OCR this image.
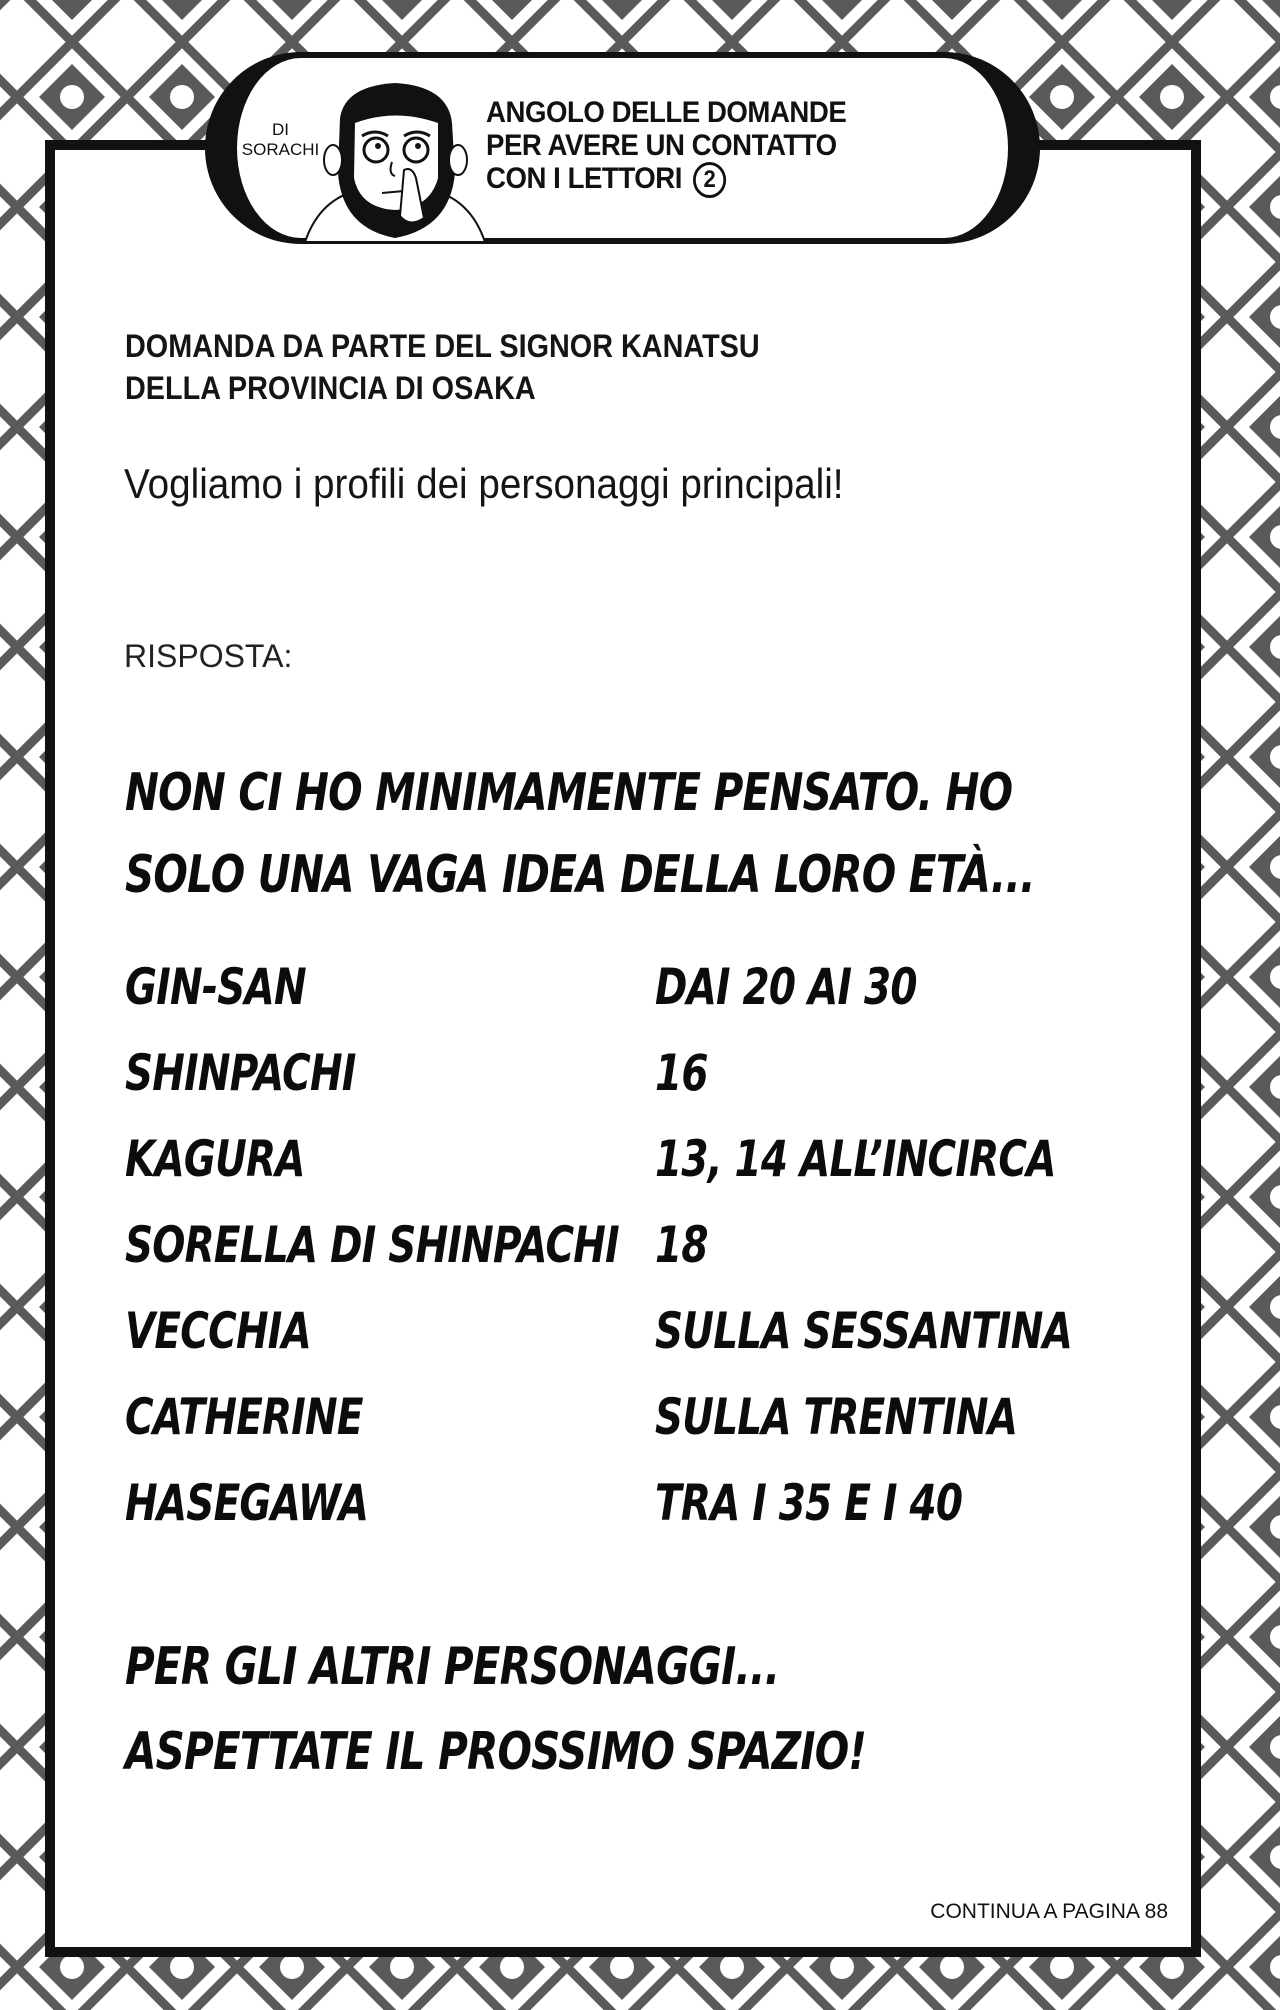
DI
SORACHI
ANGOLO DELLE DOMANDE
PER AVERE UN CONTATTO
CON I LETTORI 2
DOMANDA DA PARTE DEL SIGNOR KANATSU
DELLA PROVINCIA DI OSAKA
Vogliamo i profili dei personaggi principali!
RISPOSTA:
NON CI HO MINIMAMENTE PENSATO. HO
SOLO UNA VAGA IDEA DELLA LORO ETÀ...
GIN-SAN	DAI 20 AI 30
SHINPACHI	16
KAGURA	13, 14 ALL’INCIRCA
SORELLA DI SHINPACHI 18
VECCHIA	SULLA SESSANTINA
CATHERINE	SULLA TRENTINA
HASEGAWA	TRA I 35 E I 40
PER GLI ALTRI PERSONAGGI...
ASPETTATE IL PROSSIMO SPAZIO!
CONTINUA A PAGINA 88
